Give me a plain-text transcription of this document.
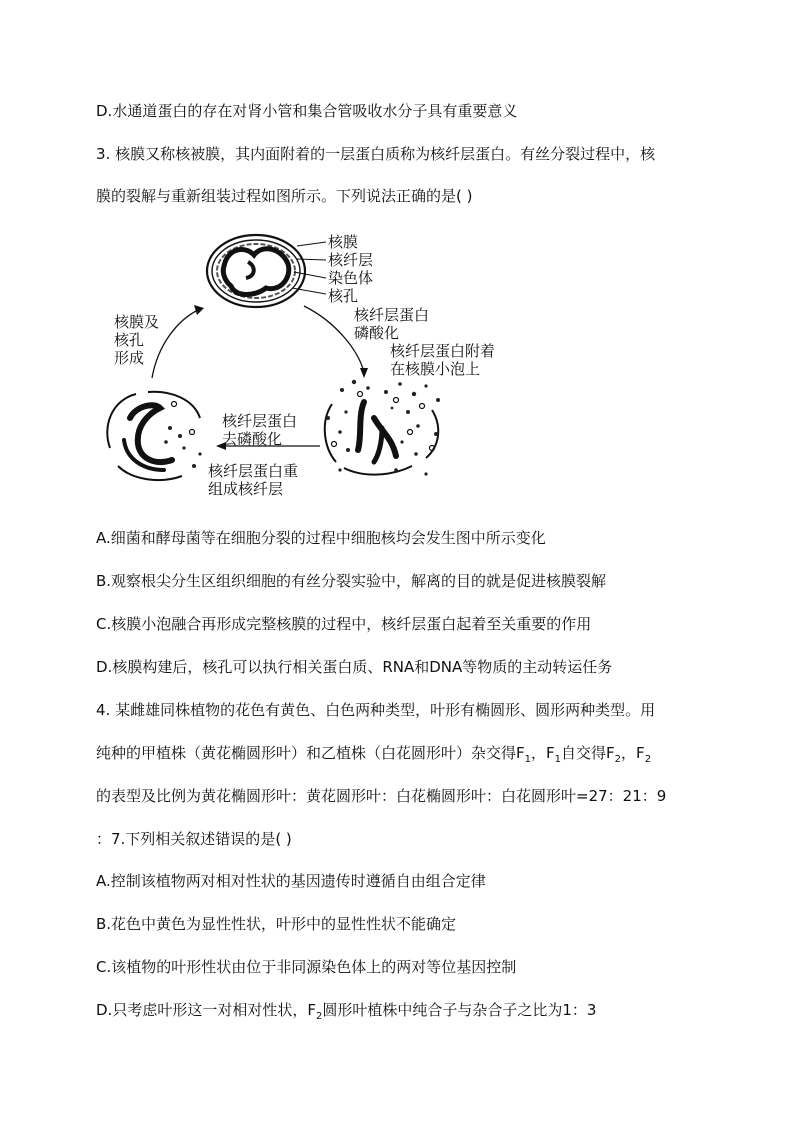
D.水通道蛋白的存在对肾小管和集合管吸收水分子具有重要意义
3. 核膜又称核被膜，其内面附着的一层蛋白质称为核纤层蛋白。有丝分裂过程中，核
膜的裂解与重新组装过程如图所示。下列说法正确的是( )
核膜
核纤层
染色体
核孔
核纤层蛋白
磷酸化
核纤层蛋白附着
在核膜小泡上
核纤层蛋白
去磷酸化
核纤层蛋白重
组成核纤层
核膜及
核孔
形成
A.细菌和酵母菌等在细胞分裂的过程中细胞核均会发生图中所示变化
B.观察根尖分生区组织细胞的有丝分裂实验中，解离的目的就是促进核膜裂解
C.核膜小泡融合再形成完整核膜的过程中，核纤层蛋白起着至关重要的作用
D.核膜构建后，核孔可以执行相关蛋白质、RNA和DNA等物质的主动转运任务
4. 某雌雄同株植物的花色有黄色、白色两种类型，叶形有椭圆形、圆形两种类型。用
纯种的甲植株（黄花椭圆形叶）和乙植株（白花圆形叶）杂交得$F_1$，$F_1$自交得$F_2$，$F_2$
的表型及比例为黄花椭圆形叶：黄花圆形叶：白花椭圆形叶：白花圆形叶=27：21：9
：7.下列相关叙述错误的是( )
A.控制该植物两对相对性状的基因遗传时遵循自由组合定律
B.花色中黄色为显性性状，叶形中的显性性状不能确定
C.该植物的叶形性状由位于非同源染色体上的两对等位基因控制
D.只考虑叶形这一对相对性状，$F_2$圆形叶植株中纯合子与杂合子之比为1：3
